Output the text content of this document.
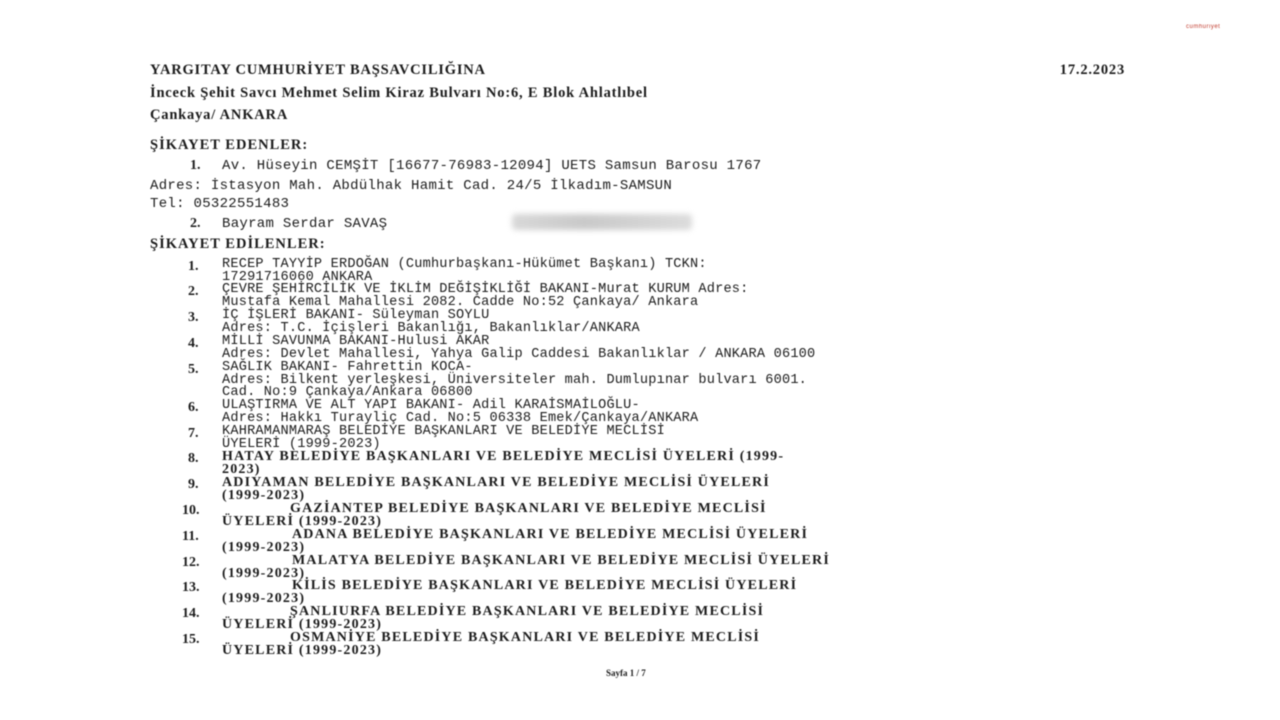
cumhuriyet
YARGITAY CUMHURİYET BAŞSAVCILIĞINA	17.2.2023
İnceck Şehit Savcı Mehmet Selim Kiraz Bulvarı No:6, E Blok Ahlatlıbel
Çankaya/ ANKARA
ŞİKAYET EDENLER:
1. Av. Hüseyin CEMŞİT [16677-76983-12094] UETS Samsun Barosu 1767
Adres: İstasyon Mah. Abdülhak Hamit Cad. 24/5 İlkadım-SAMSUN
Tel: 05322551483
2. Bayram Serdar SAVAŞ
ŞİKAYET EDİLENLER:
1. RECEP TAYYİP ERDOĞAN (Cumhurbaşkanı-Hükümet Başkanı) TCKN:
17291716060 ANKARA
2. ÇEVRE ŞEHİRCİLİK VE İKLİM DEĞİŞİKLİĞİ BAKANI-Murat KURUM Adres:
Mustafa Kemal Mahallesi 2082. Cadde No:52 Çankaya/ Ankara
3. İÇ İŞLERİ BAKANI- Süleyman SOYLU
Adres: T.C. İçişleri Bakanlığı, Bakanlıklar/ANKARA
4. MİLLİ SAVUNMA BAKANI-Hulusi AKAR
Adres: Devlet Mahallesi, Yahya Galip Caddesi Bakanlıklar / ANKARA 06100
5. SAĞLIK BAKANI- Fahrettin KOCA-
Adres: Bilkent yerleşkesi, Üniversiteler mah. Dumlupınar bulvarı 6001.
Cad. No:9 Çankaya/Ankara 06800
6. ULAŞTIRMA VE ALT YAPI BAKANI- Adil KARAİSMAİLOĞLU-
Adres: Hakkı Turayliç Cad. No:5 06338 Emek/Çankaya/ANKARA
7. KAHRAMANMARAŞ BELEDİYE BAŞKANLARI VE BELEDİYE MECLİSİ
ÜYELERİ (1999-2023)
8. HATAY BELEDİYE BAŞKANLARI VE BELEDİYE MECLİSİ ÜYELERİ (1999-
2023)
9. ADIYAMAN BELEDİYE BAŞKANLARI VE BELEDİYE MECLİSİ ÜYELERİ
(1999-2023)
10.	GAZİANTEP BELEDİYE BAŞKANLARI VE BELEDİYE MECLİSİ
ÜYELERİ (1999-2023)
11.	ADANA BELEDİYE BAŞKANLARI VE BELEDİYE MECLİSİ ÜYELERİ
(1999-2023)
12.	MALATYA BELEDİYE BAŞKANLARI VE BELEDİYE MECLİSİ ÜYELERİ
(1999-2023)
13.	KİLİS BELEDİYE BAŞKANLARI VE BELEDİYE MECLİSİ ÜYELERİ
(1999-2023)
14.	ŞANLIURFA BELEDİYE BAŞKANLARI VE BELEDİYE MECLİSİ
ÜYELERİ (1999-2023)
15.	OSMANİYE BELEDİYE BAŞKANLARI VE BELEDİYE MECLİSİ
ÜYELERİ (1999-2023)
Sayfa 1 / 7
